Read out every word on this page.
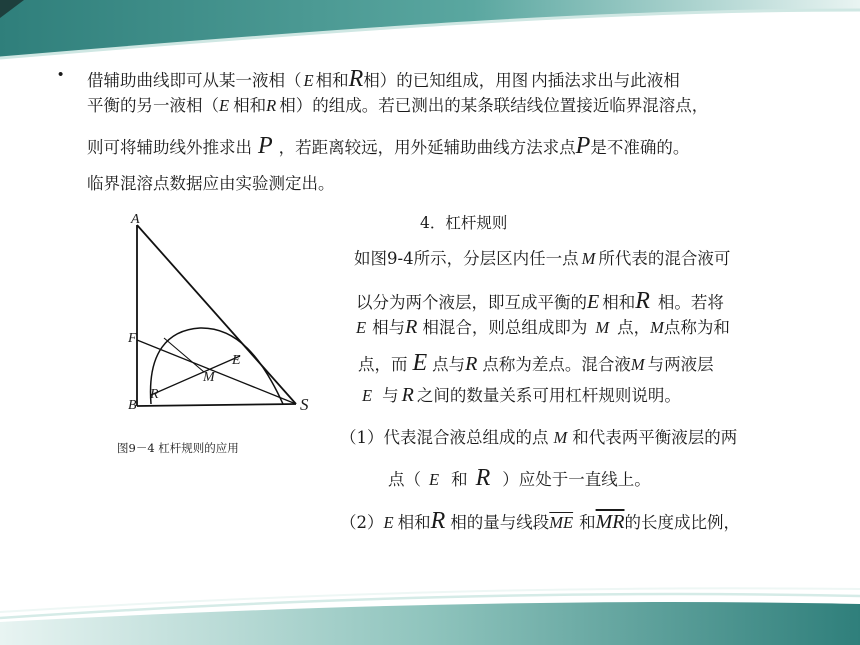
• 借辅助曲线即可从某一液相（ E 相和R相）的已知组成，用图 内插法求出与此液相
平衡的另一液相（E 相和R 相）的组成。若已测出的某条联结线位置接近临界混溶点，
则可将辅助线外推求出 P ，若距离较远，用外延辅助曲线方法求点P是不准确的。
临界混溶点数据应由实验测定出。
A
F
B
R
M
E
S
图9－4 杠杆规则的应用
4．杠杆规则
如图9-4所示，分层区内任一点 M 所代表的混合液可
以分为两个液层，即互成平衡的E 相和R 相。若将
E 相与R 相混合，则总组成即为 M 点，M点称为和
点，而 E 点与R 点称为差点。混合液M 与两液层
E 与 R 之间的数量关系可用杠杆规则说明。
（1）代表混合液总组成的点 M 和代表两平衡液层的两
点（ E 和 R ）应处于一直线上。
（2）E 相和R 相的量与线段$\overline{ME}$ 和$\overline{MR}$的长度成比例，
